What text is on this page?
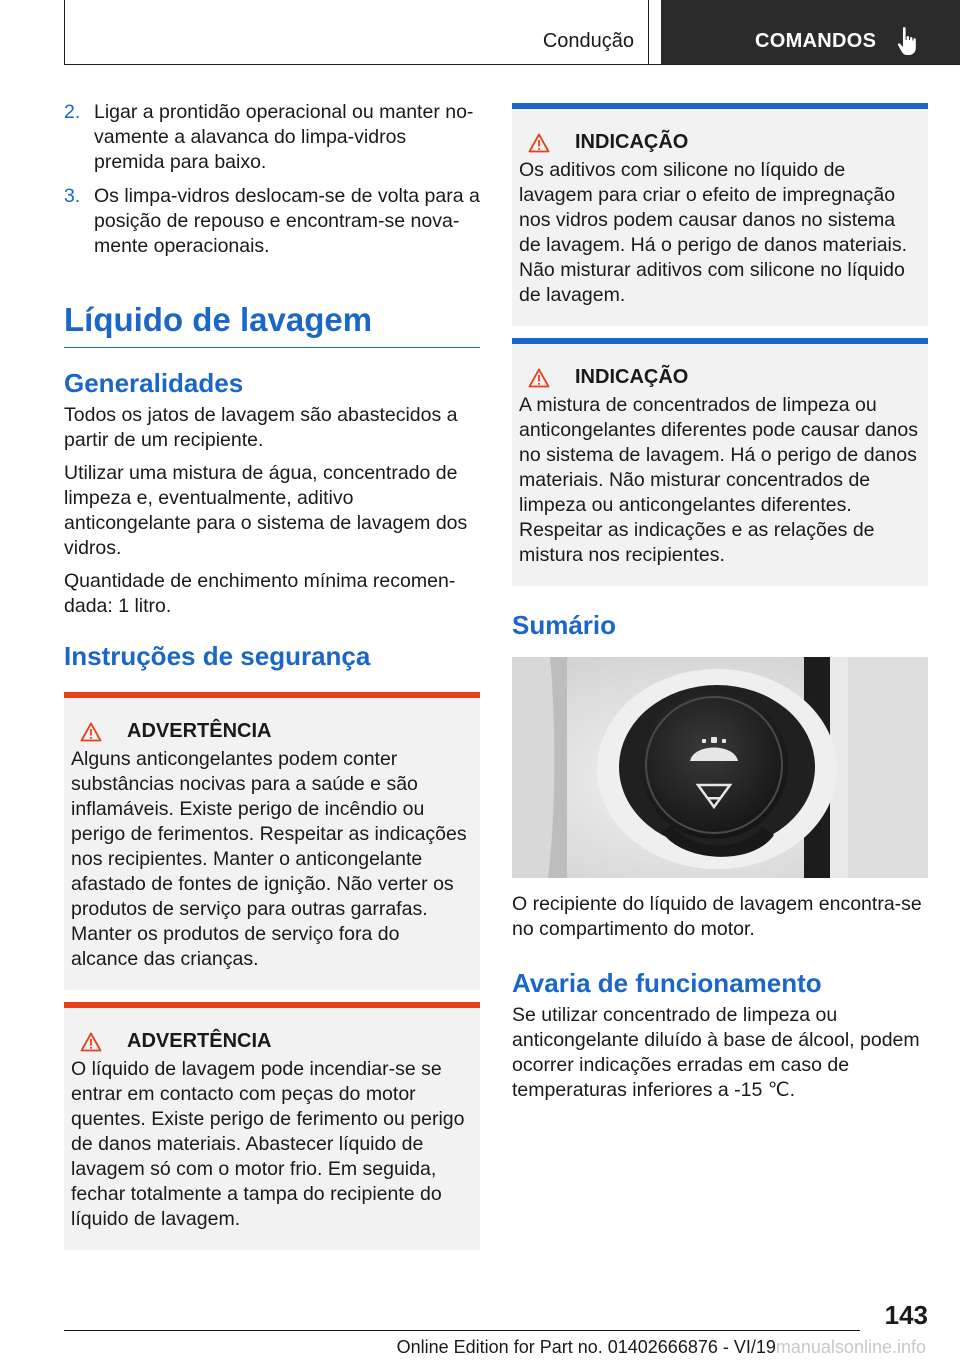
Condução	COMANDOS
2. Ligar a prontidão operacional ou manter novamente a alavanca do limpa-vidros premida para baixo.
3. Os limpa-vidros deslocam-se de volta para a posição de repouso e encontram-se novamente operacionais.
Líquido de lavagem
Generalidades

Todos os jatos de lavagem são abastecidos a partir de um recipiente.

Utilizar uma mistura de água, concentrado de limpeza e, eventualmente, aditivo anticongelante para o sistema de lavagem dos vidros.

Quantidade de enchimento mínima recomendada: 1 litro.

Instruções de segurança
ADVERTÊNCIA

Alguns anticongelantes podem conter substâncias nocivas para a saúde e são inflamáveis. Existe perigo de incêndio ou perigo de ferimentos. Respeitar as indicações nos recipientes. Manter o anticongelante afastado de fontes de ignição. Não verter os produtos de serviço para outras garrafas. Manter os produtos de serviço fora do alcance das crianças.

ADVERTÊNCIA

O líquido de lavagem pode incendiar-se se entrar em contacto com peças do motor quentes. Existe perigo de ferimento ou perigo de danos materiais. Abastecer líquido de lavagem só com o motor frio. Em seguida, fechar totalmente a tampa do recipiente do líquido de lavagem.

INDICAÇÃO

Os aditivos com silicone no líquido de lavagem para criar o efeito de impregnação nos vidros podem causar danos no sistema de lavagem. Há o perigo de danos materiais. Não misturar aditivos com silicone no líquido de lavagem.

INDICAÇÃO

A mistura de concentrados de limpeza ou anticongelantes diferentes pode causar danos no sistema de lavagem. Há o perigo de danos materiais. Não misturar concentrados de limpeza ou anticongelantes diferentes. Respeitar as indicações e as relações de mistura nos recipientes.

Sumário

O recipiente do líquido de lavagem encontra-se no compartimento do motor.

Avaria de funcionamento

Se utilizar concentrado de limpeza ou anticongelante diluído à base de álcool, podem ocorrer indicações erradas em caso de temperaturas inferiores a -15 ℃.

143
Online Edition for Part no. 01402666876 - VI/19manualsonline.info
